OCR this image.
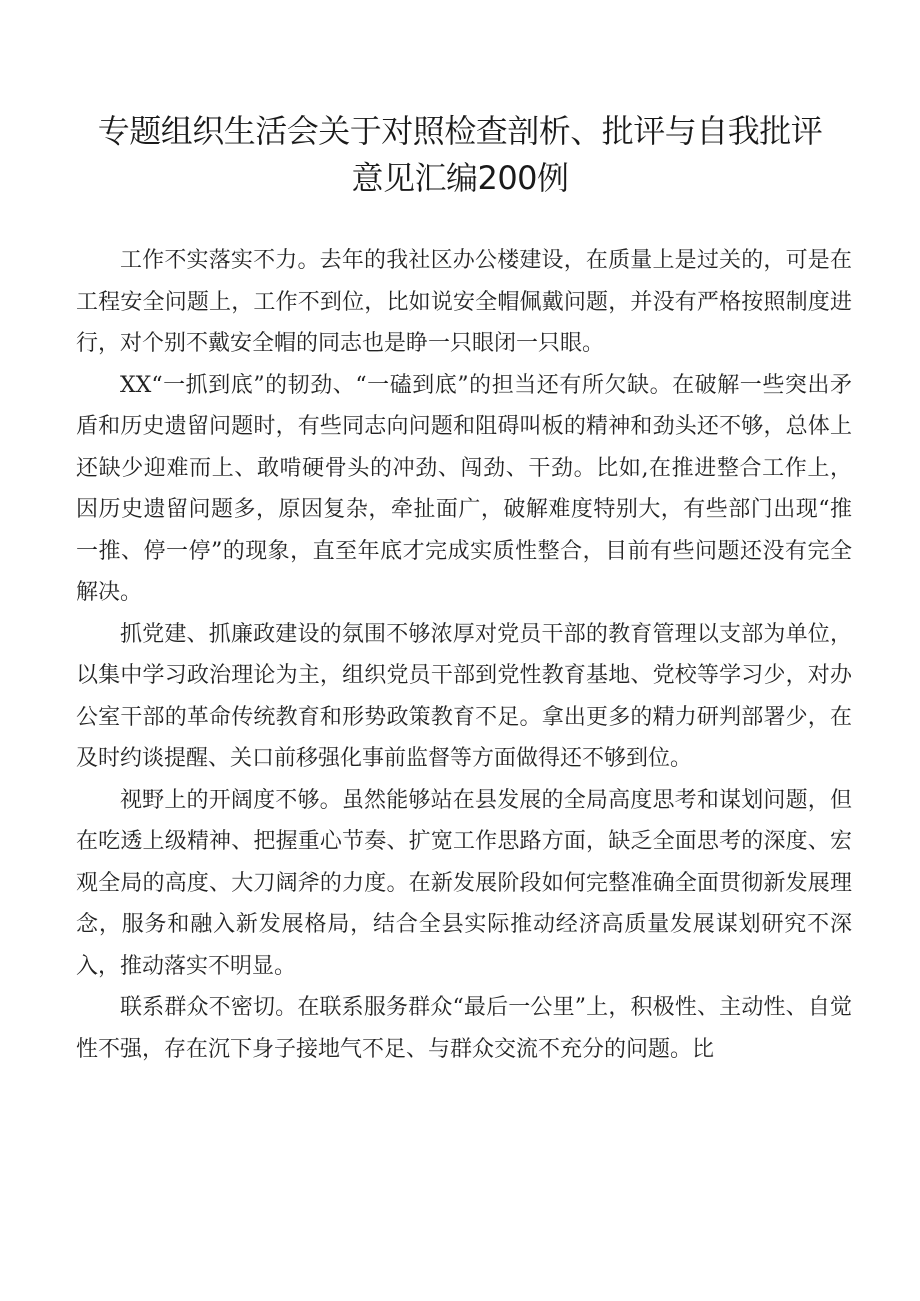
专题组织生活会关于对照检查剖析、批评与自我批评意见汇编200例

工作不实落实不力。去年的我社区办公楼建设，在质量上是过关的，可是在工程安全问题上，工作不到位，比如说安全帽佩戴问题，并没有严格按照制度进行，对个别不戴安全帽的同志也是睁一只眼闭一只眼。

XX“一抓到底”的韧劲、“一磕到底”的担当还有所欠缺。在破解一些突出矛盾和历史遗留问题时，有些同志向问题和阻碍叫板的精神和劲头还不够，总体上还缺少迎难而上、敢啃硬骨头的冲劲、闯劲、干劲。比如,在推进整合工作上，因历史遗留问题多，原因复杂，牵扯面广，破解难度特别大，有些部门出现“推一推、停一停”的现象，直至年底才完成实质性整合，目前有些问题还没有完全解决。

抓党建、抓廉政建设的氛围不够浓厚对党员干部的教育管理以支部为单位，以集中学习政治理论为主，组织党员干部到党性教育基地、党校等学习少，对办公室干部的革命传统教育和形势政策教育不足。拿出更多的精力研判部署少，在及时约谈提醒、关口前移强化事前监督等方面做得还不够到位。

视野上的开阔度不够。虽然能够站在县发展的全局高度思考和谋划问题，但在吃透上级精神、把握重心节奏、扩宽工作思路方面，缺乏全面思考的深度、宏观全局的高度、大刀阔斧的力度。在新发展阶段如何完整准确全面贯彻新发展理念，服务和融入新发展格局，结合全县实际推动经济高质量发展谋划研究不深入，推动落实不明显。

联系群众不密切。在联系服务群众“最后一公里”上，积极性、主动性、自觉性不强，存在沉下身子接地气不足、与群众交流不充分的问题。比
